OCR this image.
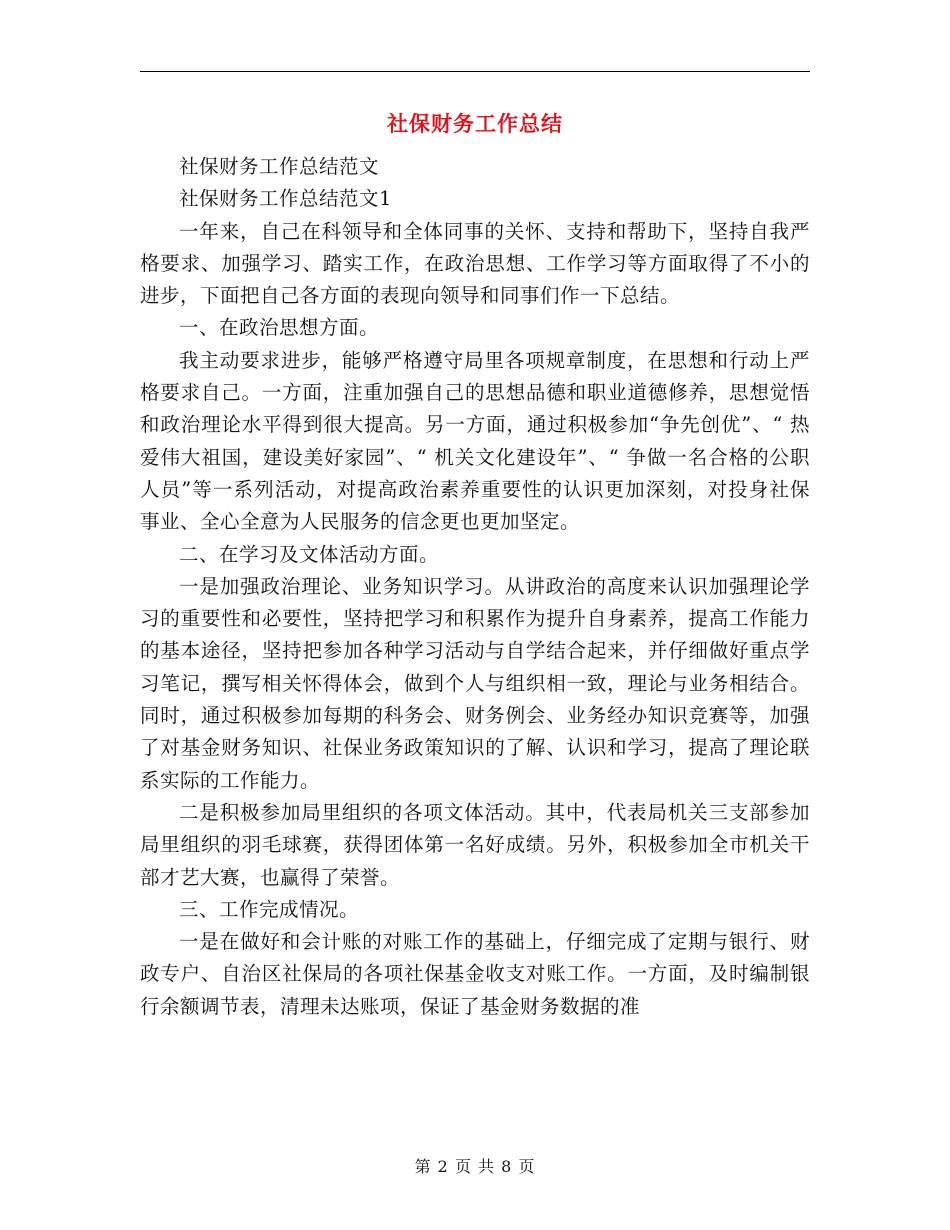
社保财务工作总结

社保财务工作总结范文

社保财务工作总结范文1

一年来，自己在科领导和全体同事的关怀、支持和帮助下，坚持自我严格要求、加强学习、踏实工作，在政治思想、工作学习等方面取得了不小的进步，下面把自己各方面的表现向领导和同事们作一下总结。

一、在政治思想方面。

我主动要求进步，能够严格遵守局里各项规章制度，在思想和行动上严格要求自己。一方面，注重加强自己的思想品德和职业道德修养，思想觉悟和政治理论水平得到很大提高。另一方面，通过积极参加“争先创优”、“ 热爱伟大祖国，建设美好家园”、“ 机关文化建设年”、“ 争做一名合格的公职人员”等一系列活动，对提高政治素养重要性的认识更加深刻，对投身社保事业、全心全意为人民服务的信念更也更加坚定。

二、在学习及文体活动方面。

一是加强政治理论、业务知识学习。从讲政治的高度来认识加强理论学习的重要性和必要性，坚持把学习和积累作为提升自身素养，提高工作能力的基本途径，坚持把参加各种学习活动与自学结合起来，并仔细做好重点学习笔记，撰写相关怀得体会，做到个人与组织相一致，理论与业务相结合。同时，通过积极参加每期的科务会、财务例会、业务经办知识竞赛等，加强了对基金财务知识、社保业务政策知识的了解、认识和学习，提高了理论联系实际的工作能力。

二是积极参加局里组织的各项文体活动。其中，代表局机关三支部参加局里组织的羽毛球赛，获得团体第一名好成绩。另外，积极参加全市机关干部才艺大赛，也赢得了荣誉。

三、工作完成情况。

一是在做好和会计账的对账工作的基础上，仔细完成了定期与银行、财政专户、自治区社保局的各项社保基金收支对账工作。一方面，及时编制银行余额调节表，清理未达账项，保证了基金财务数据的准

第 2 页 共 8 页
